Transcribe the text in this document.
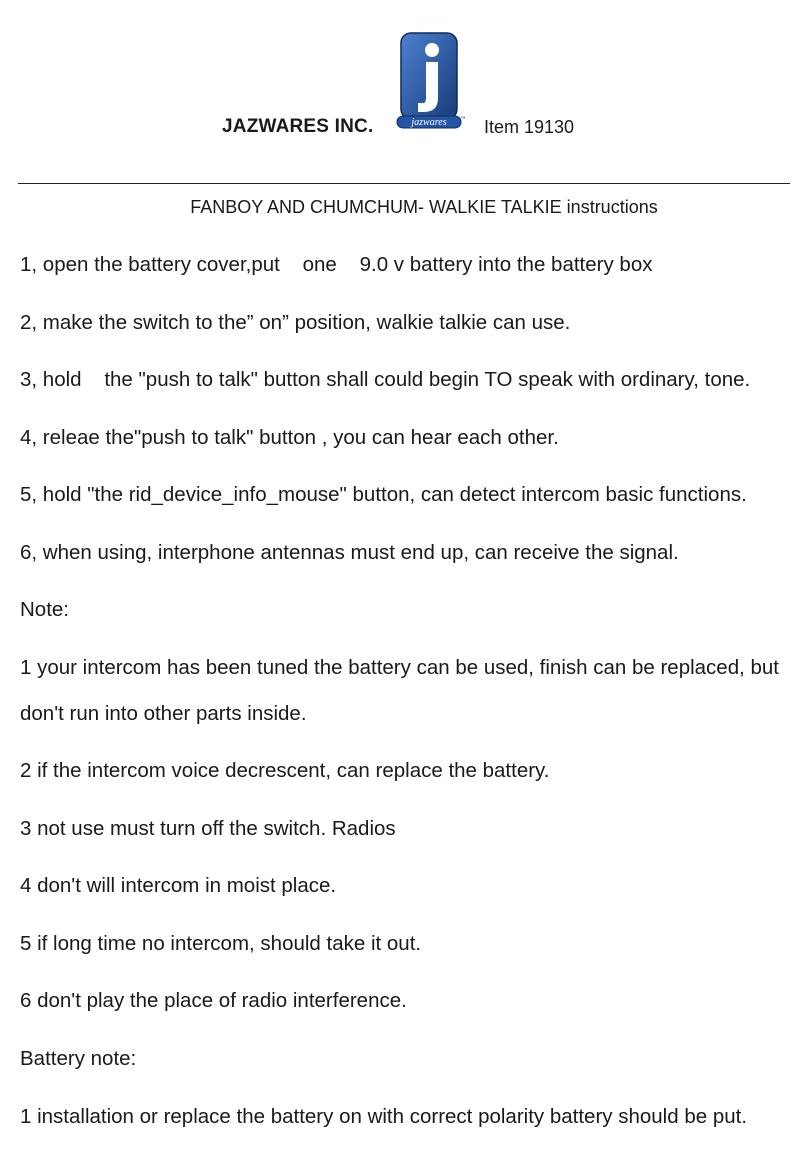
JAZWARES INC.	jazwares	™ Item 19130
FANBOY AND CHUMCHUM- WALKIE TALKIE instructions
1, open the battery cover,put    one    9.0 v battery into the battery box
2, make the switch to the” on” position, walkie talkie can use.
3, hold    the "push to talk" button shall could begin TO speak with ordinary, tone.
4, releae the"push to talk" button , you can hear each other.
5, hold "the rid_device_info_mouse" button, can detect intercom basic functions.
6, when using, interphone antennas must end up, can receive the signal.
Note:
1 your intercom has been tuned the battery can be used, finish can be replaced, but
don't run into other parts inside.
2 if the intercom voice decrescent, can replace the battery.
3 not use must turn off the switch. Radios
4 don't will intercom in moist place.
5 if long time no intercom, should take it out.
6 don't play the place of radio interference.
Battery note:
1 installation or replace the battery on with correct polarity battery should be put.
